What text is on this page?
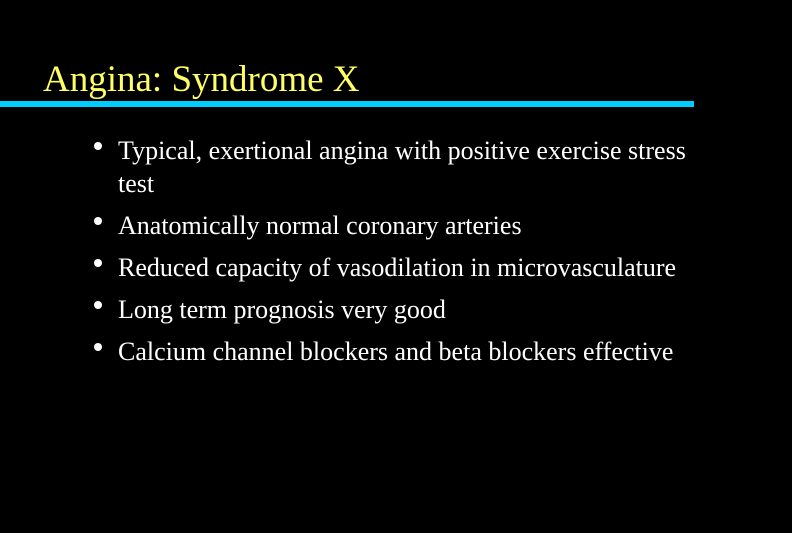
Angina: Syndrome X
Typical, exertional angina with positive exercise stress test
Anatomically normal coronary arteries
Reduced capacity of vasodilation in microvasculature
Long term prognosis very good
Calcium channel blockers and beta blockers effective
